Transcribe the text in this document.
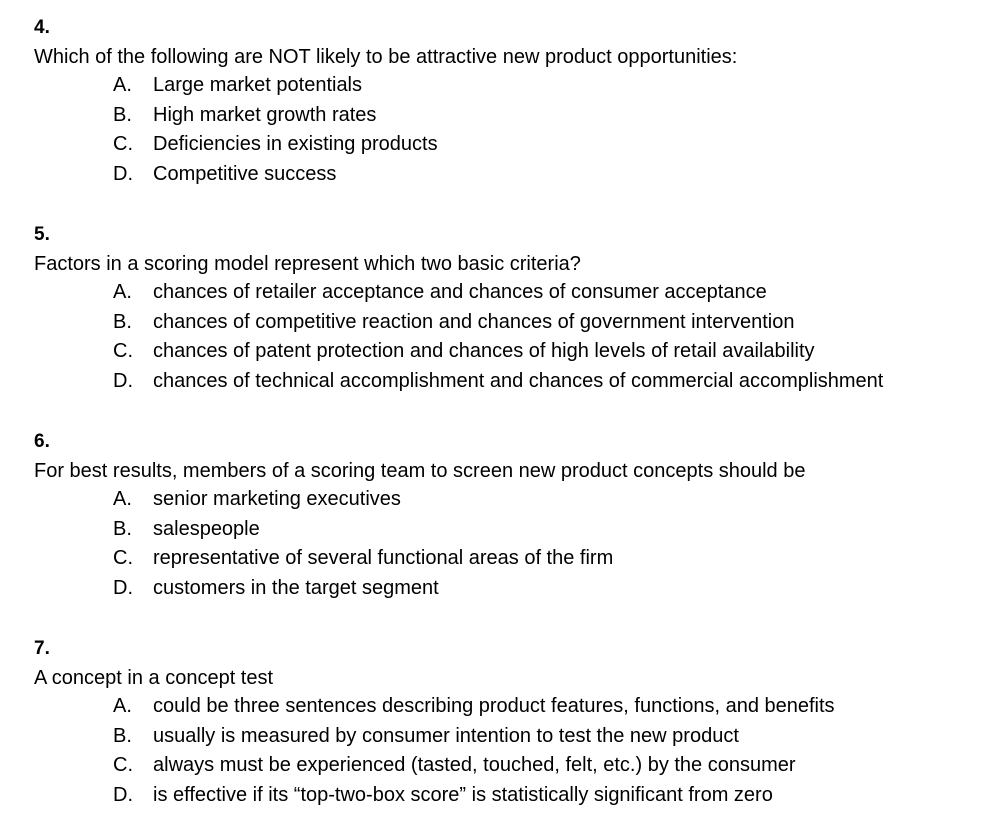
4.
Which of the following are NOT likely to be attractive new product opportunities:
A.	Large market potentials
B.	High market growth rates
C.	Deficiencies in existing products
D.	Competitive success
5.
Factors in a scoring model represent which two basic criteria?
A.	chances of retailer acceptance and chances of consumer acceptance
B.	chances of competitive reaction and chances of government intervention
C.	chances of patent protection and chances of high levels of retail availability
D.	chances of technical accomplishment and chances of commercial accomplishment
6.
For best results, members of a scoring team to screen new product concepts should be
A.	senior marketing executives
B.	salespeople
C.	representative of several functional areas of the firm
D.	customers in the target segment
7.
A concept in a concept test
A.	could be three sentences describing product features, functions, and benefits
B.	usually is measured by consumer intention to test the new product
C.	always must be experienced (tasted, touched, felt, etc.) by the consumer
D.	is effective if its “top-two-box score” is statistically significant from zero
